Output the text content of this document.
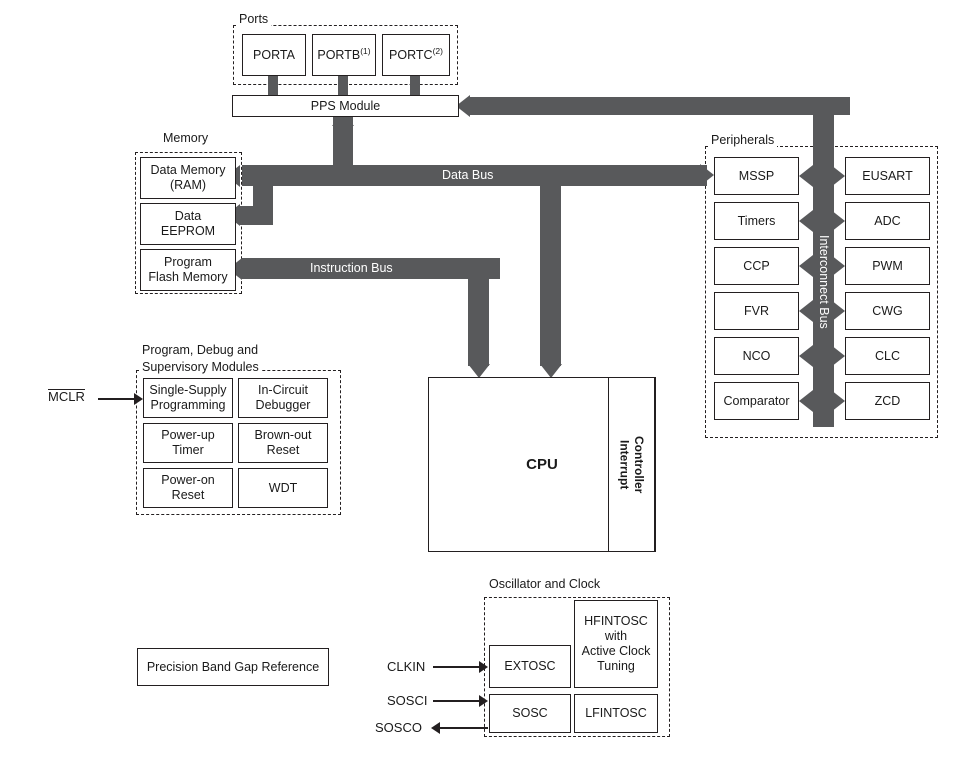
Ports
PORTA PORTB$^{(1)}$ PORTC$^{(2)}$
PPS Module
Memory
Data Memory
(RAM)
Data
EEPROM
Program
Flash Memory
Data Bus
Instruction Bus
CPU	Interrupt Controller
Peripherals
MSSP
Timers
CCP
FVR
NCO
Comparator
EUSART
ADC
PWM
CWG
CLC
ZCD
Interconnect Bus
Program, Debug and
Supervisory Modules
Single-Supply
Programming
In-Circuit
Debugger
Power-up
Timer
Brown-out
Reset
Power-on
Reset
WDT
MCLR
Precision Band Gap Reference
Oscillator and Clock
EXTOSC
SOSC
HFINTOSC
with
Active Clock
Tuning
LFINTOSC
CLKIN
SOSCI
SOSCO
